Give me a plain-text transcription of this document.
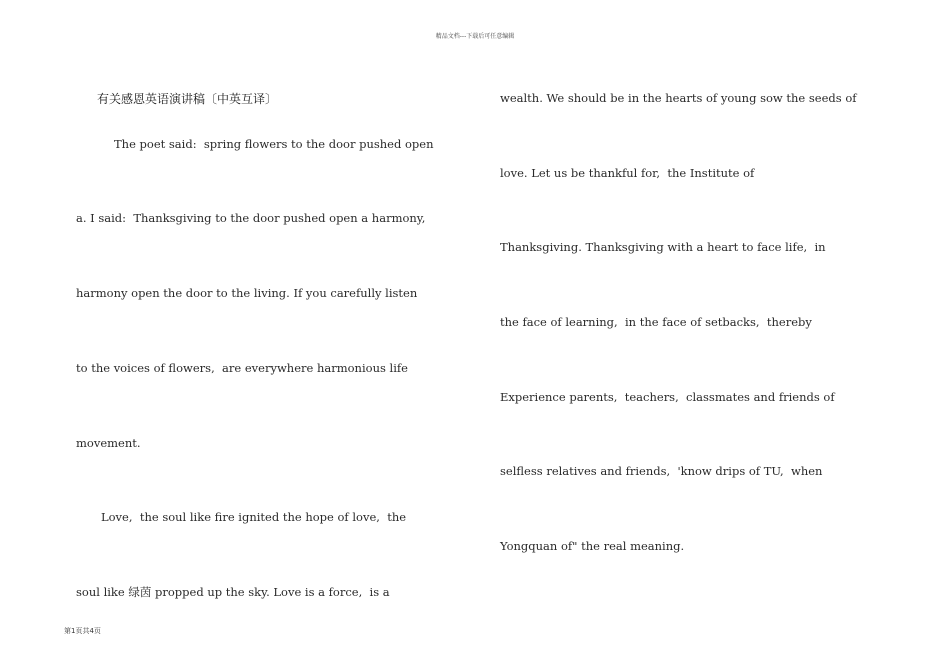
精品文档---下载后可任意编辑
有关感恩英语演讲稿〔中英互译〕
The poet said:  spring flowers to the door pushed open
a. I said:  Thanksgiving to the door pushed open a harmony,
harmony open the door to the living. If you carefully listen
to the voices of flowers,  are everywhere harmonious life
movement.
Love,  the soul like fire ignited the hope of love,  the
soul like 绿茵 propped up the sky. Love is a force,  is a
wealth. We should be in the hearts of young sow the seeds of
love. Let us be thankful for,  the Institute of
Thanksgiving. Thanksgiving with a heart to face life,  in
the face of learning,  in the face of setbacks,  thereby
Experience parents,  teachers,  classmates and friends of
selfless relatives and friends,  'know drips of TU,  when
Yongquan of" the real meaning.
第1页共4页
